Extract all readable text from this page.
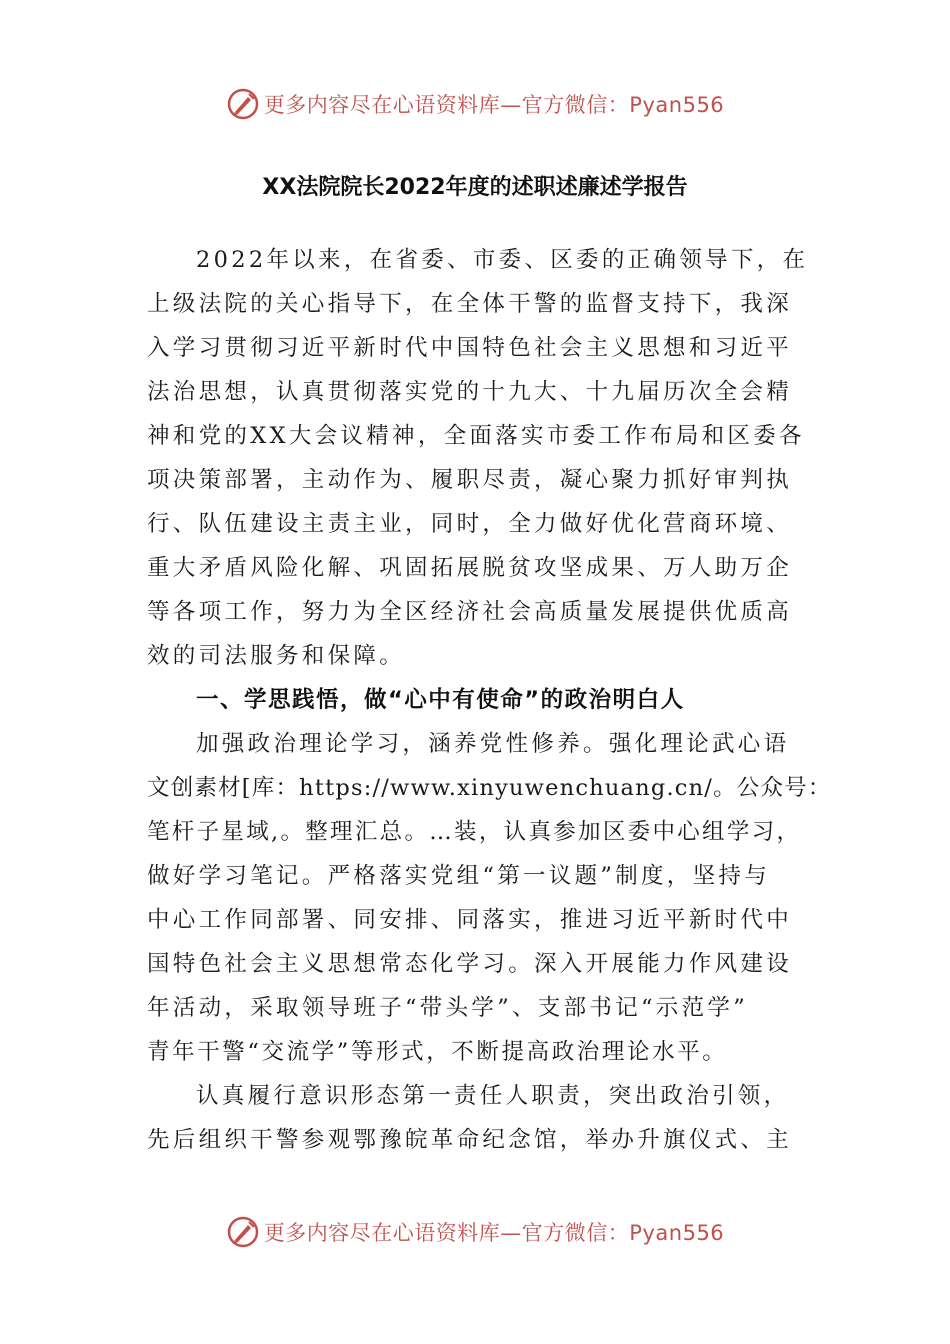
更多内容尽在心语资料库—官方微信：Pyan556
XX法院院长2022年度的述职述廉述学报告
2022年以来，在省委、市委、区委的正确领导下，在
上级法院的关心指导下，在全体干警的监督支持下，我深
入学习贯彻习近平新时代中国特色社会主义思想和习近平
法治思想，认真贯彻落实党的十九大、十九届历次全会精
神和党的XX大会议精神，全面落实市委工作布局和区委各
项决策部署，主动作为、履职尽责，凝心聚力抓好审判执
行、队伍建设主责主业，同时，全力做好优化营商环境、
重大矛盾风险化解、巩固拓展脱贫攻坚成果、万人助万企
等各项工作，努力为全区经济社会高质量发展提供优质高
效的司法服务和保障。
一、学思践悟，做“心中有使命”的政治明白人
加强政治理论学习，涵养党性修养。强化理论武心语
文创素材[库：https://www.xinyuwenchuang.cn/。公众号：
笔杆子星域,。整理汇总。…装，认真参加区委中心组学习，
做好学习笔记。严格落实党组“第一议题”制度，坚持与
中心工作同部署、同安排、同落实，推进习近平新时代中
国特色社会主义思想常态化学习。深入开展能力作风建设
年活动，采取领导班子“带头学”、支部书记“示范学”
青年干警“交流学”等形式，不断提高政治理论水平。
认真履行意识形态第一责任人职责，突出政治引领，
先后组织干警参观鄂豫皖革命纪念馆，举办升旗仪式、主
更多内容尽在心语资料库—官方微信：Pyan556
